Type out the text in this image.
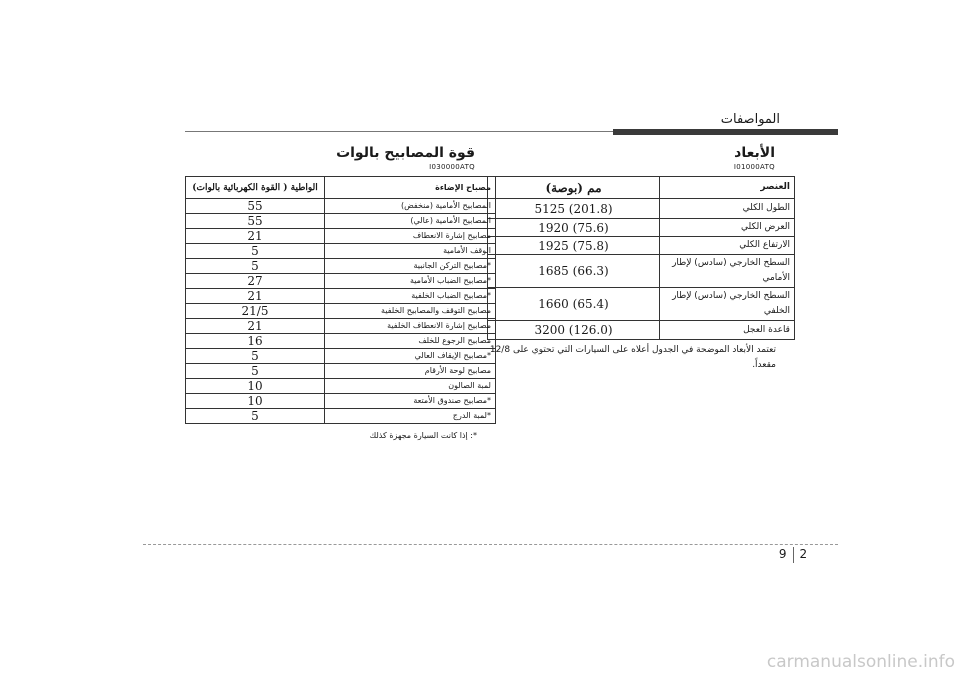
المواصفات
الأبعاد
I01000ATQ
مم (بوصة)	العنصر
5125 (201.8)	الطول الكلي
1920 (75.6)	العرض الكلي
1925 (75.8)	الارتفاع الكلي
1685 (66.3)	السطح الخارجي (سادس) لإطار الأمامي
1660 (65.4)	السطح الخارجي (سادس) لإطار الخلفي
3200 (126.0)	قاعدة العجل
تعتمد الأبعاد الموضحة في الجدول أعلاه على السيارات التي تحتوي على 12/8 مقعداً.
قوة المصابيح بالوات
I030000ATQ
الواطية ( القوة الكهربائية بالوات)	مصباح الإضاءة
55	المصابيح الأمامية (منخفض)
55	المصابيح الأمامية (عالي)
21	مصابيح إشارة الانعطاف
5	الوقف الأمامية
5	*مصابيح التركن الجانبية
27	*مصابيح الضباب الأمامية
21	*مصابيح الضباب الخلفية
21/5	مصابيح التوقف والمصابيح الخلفية
21	مصابيح إشارة الانعطاف الخلفية
16	مصابيح الرجوع للخلف
5	*مصابيح الإيقاف العالي
5	مصابيح لوحة الأرقام
10	لمبة الصالون
10	*مصابيح صندوق الأمتعة
5	*لمبة الدرج
*: إذا كانت السيارة مجهزة كذلك
9 2
carmanualsonline.info
